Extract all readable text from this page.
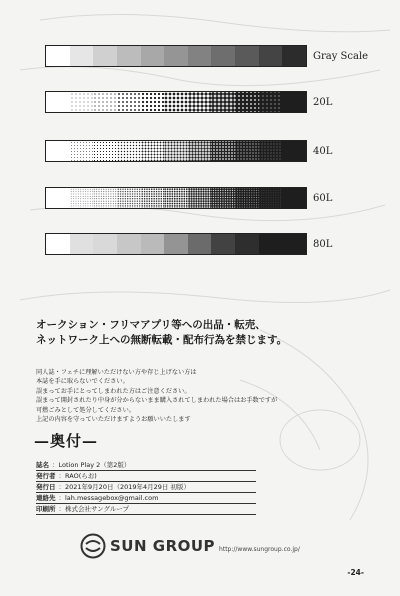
Gray Scale
20L
40L
60L
80L
オークション・フリマアプリ等への出品・転売、
ネットワーク上への無断転載・配布行為を禁じます。
同人誌・フェチに理解いただけない方や存じ上げない方は
本誌を手に取らないでください。
誤まってお手にとってしまわれた方はご注意ください。
誤まって開封されたり中身が分からないまま購入されてしまわれた場合はお手数ですが
可燃ごみとして処分してください。
上記の内容を守っていただけますようお願いいたします
—奥付—
誌名 ： Lotion Play 2（第2版）
発行者 ： RAO(らお)
発行日 ： 2021年9月20日（2019年4月29日 初版）
連絡先 ： lah.messagebox@gmail.com
印刷所 ： 株式会社サングループ
SUN GROUP http://www.sungroup.co.jp/
-24-
